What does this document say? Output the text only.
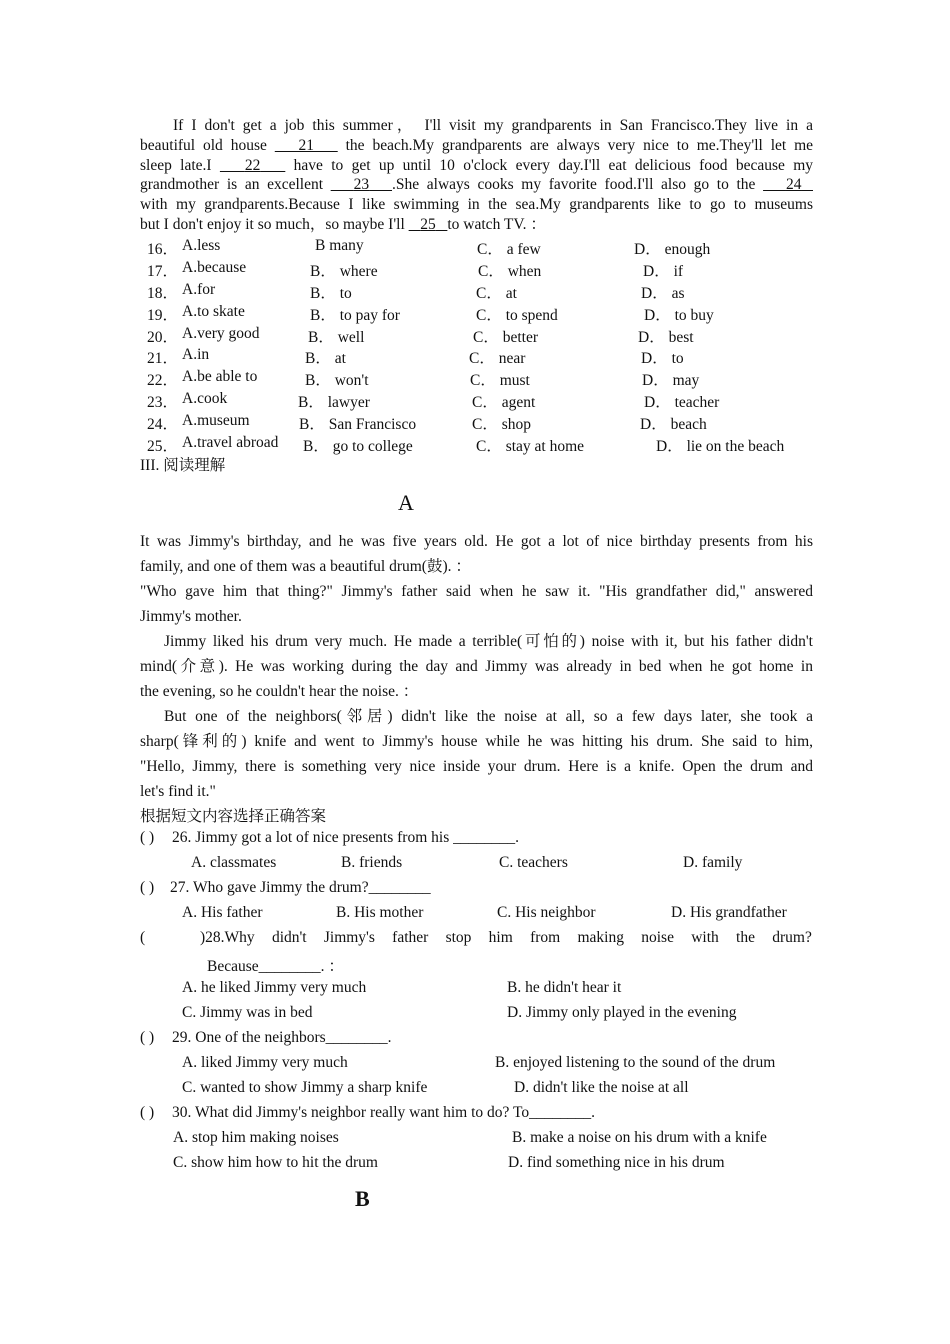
If I don't get a job this summer， I'll visit my grandparents in San Francisco.They live in a
beautiful old house 21 the beach.My grandparents are always very nice to me.They'll let me
sleep late.I 22 have to get up until 10 o'clock every day.I'll eat delicious food because my
grandmother is an excellent 23 .She always cooks my favorite food.I'll also go to the 24
with my grandparents.Because I like swimming in the sea.My grandparents like to go to museums
but I don't enjoy it so much，so maybe I'll 25 to watch TV. ：
16． A.less	B many	C． a few	D． enough
17． A.because	B． where	C． when	D． if
18． A.for	B． to	C． at	D． as
19． A.to skate	B． to pay for	C． to spend	D． to buy
20． A.very good	B． well	C． better	D． best
21． A.in	B． at	C． near	D． to
22． A.be able to	B． won't	C． must	D． may
23． A.cook	B． lawyer	C． agent	D． teacher
24． A.museum	B． San Francisco	C． shop	D． beach
25． A.travel abroad B． go to college	C． stay at home	D． lie on the beach
III. 阅读理解
A
It was Jimmy's birthday, and he was five years old. He got a lot of nice birthday presents from his
family, and one of them was a beautiful drum(鼓). ：
"Who gave him that thing?" Jimmy's father said when he saw it. "His grandfather did," answered
Jimmy's mother.
Jimmy liked his drum very much. He made a terrible(可怕的) noise with it, but his father didn't
mind(介意). He was working during the day and Jimmy was already in bed when he got home in
the evening, so he couldn't hear the noise. ：
But one of the neighbors(邻居) didn't like the noise at all, so a few days later, she took a
sharp(锋利的) knife and went to Jimmy's house while he was hitting his drum. She said to him,
"Hello, Jimmy, there is something very nice inside your drum. Here is a knife. Open the drum and
let's find it."
根据短文内容选择正确答案
( ) 26. Jimmy got a lot of nice presents from his ________.
A. classmates	B. friends	C. teachers	D. family
( ) 27. Who gave Jimmy the drum?________
A. His father	B. His mother	C. His neighbor	D. His grandfather
(	)28.Why didn't Jimmy's father stop him from making noise with the drum?
Because________. ：
A. he liked Jimmy very much	B. he didn't hear it
C. Jimmy was in bed	D. Jimmy only played in the evening
( ) 29. One of the neighbors________.
A. liked Jimmy very much	B. enjoyed listening to the sound of the drum
C. wanted to show Jimmy a sharp knife	D. didn't like the noise at all
( ) 30. What did Jimmy's neighbor really want him to do? To________.
A. stop him making noises	B. make a noise on his drum with a knife
C. show him how to hit the drum	D. find something nice in his drum
B
